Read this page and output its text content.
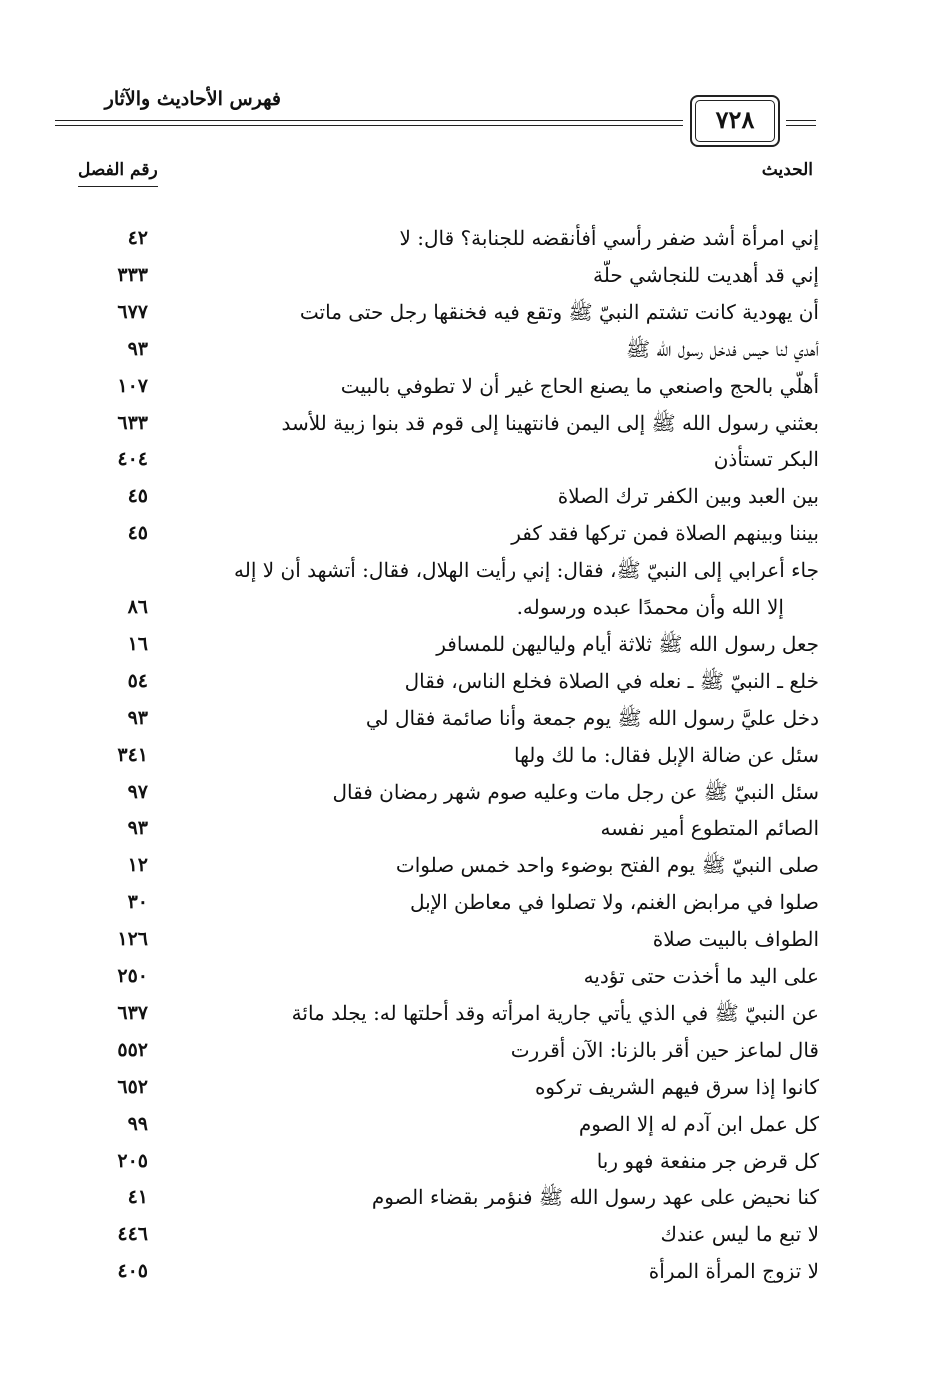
فهرس الأحاديث والآثار
٧٢٨
الحديث
رقم الفصل
إني امرأة أشد ضفر رأسي أفأنقضه للجنابة؟ قال: لا
٤٢
إني قد أهديت للنجاشي حلّة
٣٣٣
أن يهودية كانت تشتم النبيّ ﷺ وتقع فيه فخنقها رجل حتى ماتت
٦٧٧
أهدي لنا حيس فدخل رسول الله ﷺ
٩٣
أهلّي بالحج واصنعي ما يصنع الحاج غير أن لا تطوفي بالبيت
١٠٧
بعثني رسول الله ﷺ إلى اليمن فانتهينا إلى قوم قد بنوا زبية للأسد
٦٣٣
البكر تستأذن
٤٠٤
بين العبد وبين الكفر ترك الصلاة
٤٥
بيننا وبينهم الصلاة فمن تركها فقد كفر
٤٥
جاء أعرابي إلى النبيّ ﷺ، فقال: إني رأيت الهلال، فقال: أتشهد أن لا إله
إلا الله وأن محمدًا عبده ورسوله.
٨٦
جعل رسول الله ﷺ ثلاثة أيام ولياليهن للمسافر
١٦
خلع ـ النبيّ ﷺ ـ نعله في الصلاة فخلع الناس، فقال
٥٤
دخل عليَّ رسول الله ﷺ يوم جمعة وأنا صائمة فقال لي
٩٣
سئل عن ضالة الإبل فقال: ما لك ولها
٣٤١
سئل النبيّ ﷺ عن رجل مات وعليه صوم شهر رمضان فقال
٩٧
الصائم المتطوع أمير نفسه
٩٣
صلى النبيّ ﷺ يوم الفتح بوضوء واحد خمس صلوات
١٢
صلوا في مرابض الغنم، ولا تصلوا في معاطن الإبل
٣٠
الطواف بالبيت صلاة
١٢٦
على اليد ما أخذت حتى تؤديه
٢٥٠
عن النبيّ ﷺ في الذي يأتي جارية امرأته وقد أحلتها له: يجلد مائة
٦٣٧
قال لماعز حين أقر بالزنا: الآن أقررت
٥٥٢
كانوا إذا سرق فيهم الشريف تركوه
٦٥٢
كل عمل ابن آدم له إلا الصوم
٩٩
كل قرض جر منفعة فهو ربا
٢٠٥
كنا نحيض على عهد رسول الله ﷺ فنؤمر بقضاء الصوم
٤١
لا تبع ما ليس عندك
٤٤٦
لا تزوج المرأة المرأة
٤٠٥
